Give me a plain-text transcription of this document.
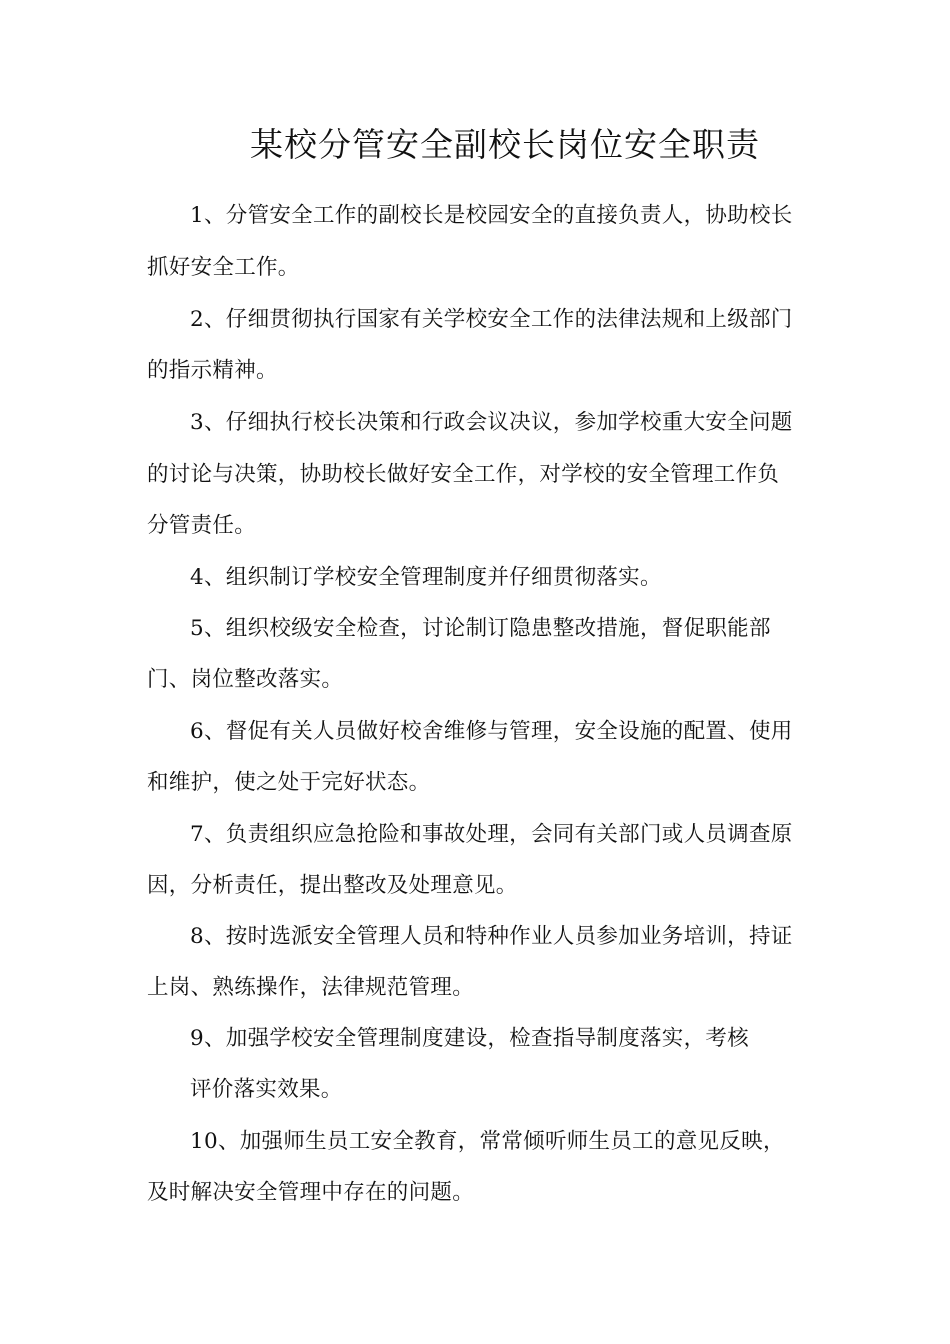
某校分管安全副校长岗位安全职责
1、分管安全工作的副校长是校园安全的直接负责人，协助校长
抓好安全工作。
2、仔细贯彻执行国家有关学校安全工作的法律法规和上级部门
的指示精神。
3、仔细执行校长决策和行政会议决议，参加学校重大安全问题
的讨论与决策，协助校长做好安全工作，对学校的安全管理工作负
分管责任。
4、组织制订学校安全管理制度并仔细贯彻落实。
5、组织校级安全检查，讨论制订隐患整改措施，督促职能部
门、岗位整改落实。
6、督促有关人员做好校舍维修与管理，安全设施的配置、使用
和维护，使之处于完好状态。
7、负责组织应急抢险和事故处理，会同有关部门或人员调查原
因，分析责任，提出整改及处理意见。
8、按时选派安全管理人员和特种作业人员参加业务培训，持证
上岗、熟练操作，法律规范管理。
9、加强学校安全管理制度建设，检查指导制度落实，考核
评价落实效果。
10、加强师生员工安全教育，常常倾听师生员工的意见反映，
及时解决安全管理中存在的问题。
